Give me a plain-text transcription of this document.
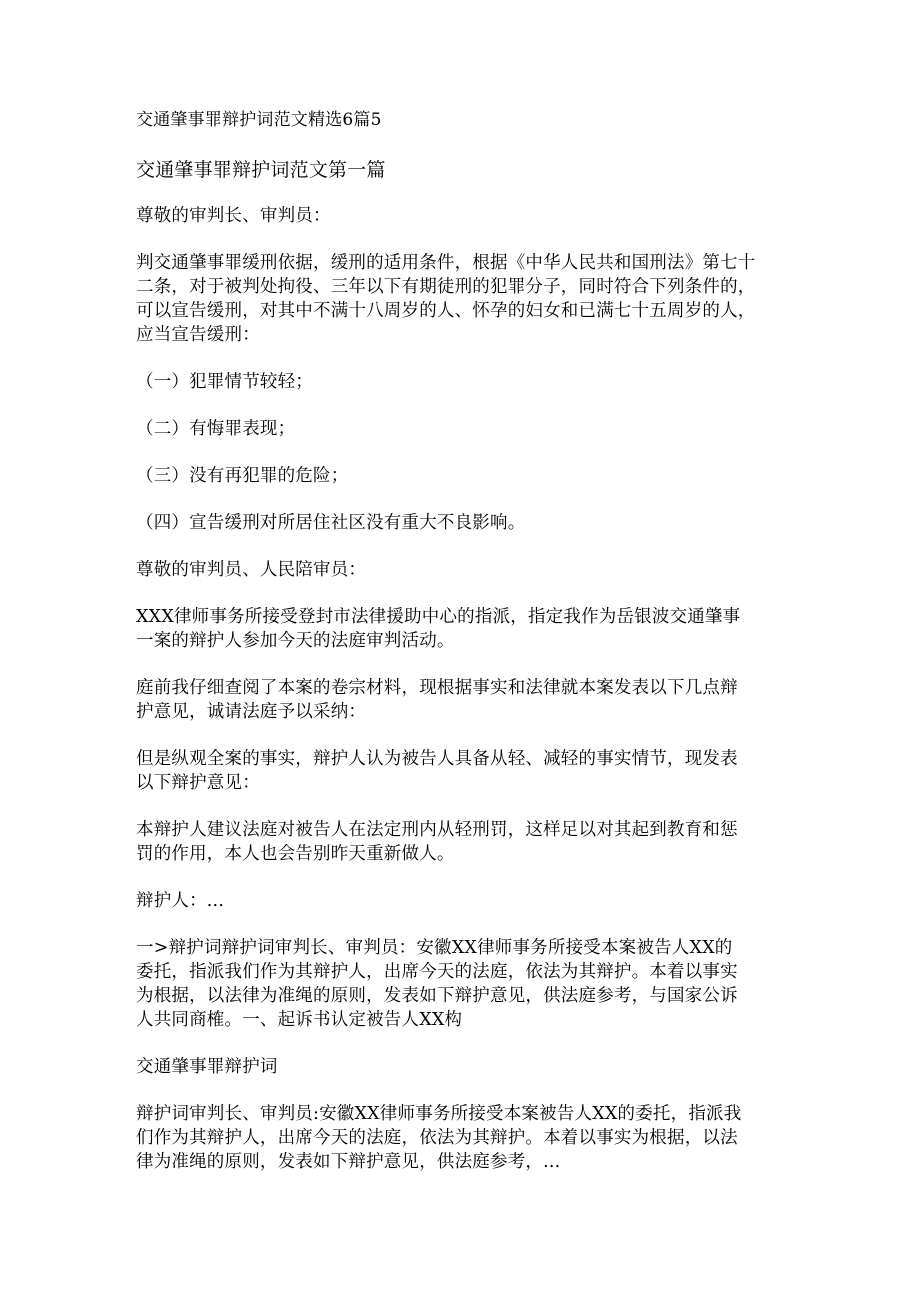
交通肇事罪辩护词范文精选6篇5

交通肇事罪辩护词范文第一篇

尊敬的审判长、审判员：

判交通肇事罪缓刑依据，缓刑的适用条件，根据《中华人民共和国刑法》第七十
二条，对于被判处拘役、三年以下有期徒刑的犯罪分子，同时符合下列条件的，
可以宣告缓刑，对其中不满十八周岁的人、怀孕的妇女和已满七十五周岁的人，
应当宣告缓刑：

（一）犯罪情节较轻；

（二）有悔罪表现；

（三）没有再犯罪的危险；

（四）宣告缓刑对所居住社区没有重大不良影响。

尊敬的审判员、人民陪审员：

XXX律师事务所接受登封市法律援助中心的指派，指定我作为岳银波交通肇事
一案的辩护人参加今天的法庭审判活动。

庭前我仔细查阅了本案的卷宗材料，现根据事实和法律就本案发表以下几点辩
护意见，诚请法庭予以采纳：

但是纵观全案的事实，辩护人认为被告人具备从轻、减轻的事实情节，现发表
以下辩护意见：

本辩护人建议法庭对被告人在法定刑内从轻刑罚，这样足以对其起到教育和惩
罚的作用，本人也会告别昨天重新做人。

辩护人：...

一>辩护词辩护词审判长、审判员：安徽XX律师事务所接受本案被告人XX的
委托，指派我们作为其辩护人，出席今天的法庭，依法为其辩护。本着以事实
为根据，以法律为准绳的原则，发表如下辩护意见，供法庭参考，与国家公诉
人共同商榷。一、起诉书认定被告人XX构

交通肇事罪辩护词

辩护词审判长、审判员:安徽XX律师事务所接受本案被告人XX的委托，指派我
们作为其辩护人，出席今天的法庭，依法为其辩护。本着以事实为根据，以法
律为准绳的原则，发表如下辩护意见，供法庭参考，...
